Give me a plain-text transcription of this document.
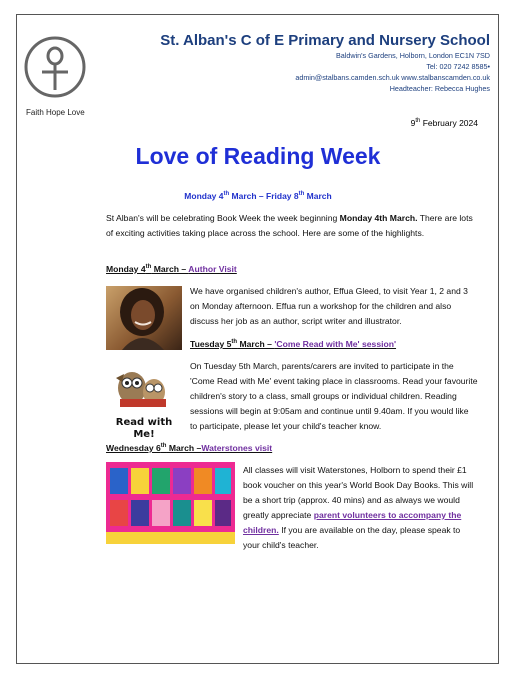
Faith Hope Love
St. Alban's C of E Primary and Nursery School
Baldwin's Gardens, Holborn, London EC1N 7SD
Tel: 020 7242 8585•
admin@stalbans.camden.sch.uk www.stalbanscamden.co.uk
Headteacher: Rebecca Hughes
9th February 2024
Love of Reading Week
Monday 4th March – Friday 8th March
St Alban's will be celebrating Book Week the week beginning Monday 4th March. There are lots of exciting activities taking place across the school. Here are some of the highlights.
Monday 4th March – Author Visit
We have organised children's author, Effua Gleed, to visit Year 1, 2 and 3 on Monday afternoon. Effua run a workshop for the children and also discuss her job as an author, script writer and illustrator.
Tuesday 5th March – 'Come Read with Me' session'
Read with Me!
On Tuesday 5th March, parents/carers are invited to participate in the 'Come Read with Me' event taking place in classrooms. Read your favourite children's story to a class, small groups or individual children. Reading sessions will begin at 9:05am and continue until 9.40am. If you would like to participate, please let your child's teacher know.
Wednesday 6th March –Waterstones visit
All classes will visit Waterstones, Holborn to spend their £1 book voucher on this year's World Book Day Books. This will be a short trip (approx. 40 mins) and as always we would greatly appreciate parent volunteers to accompany the children. If you are available on the day, please speak to your child's teacher.
